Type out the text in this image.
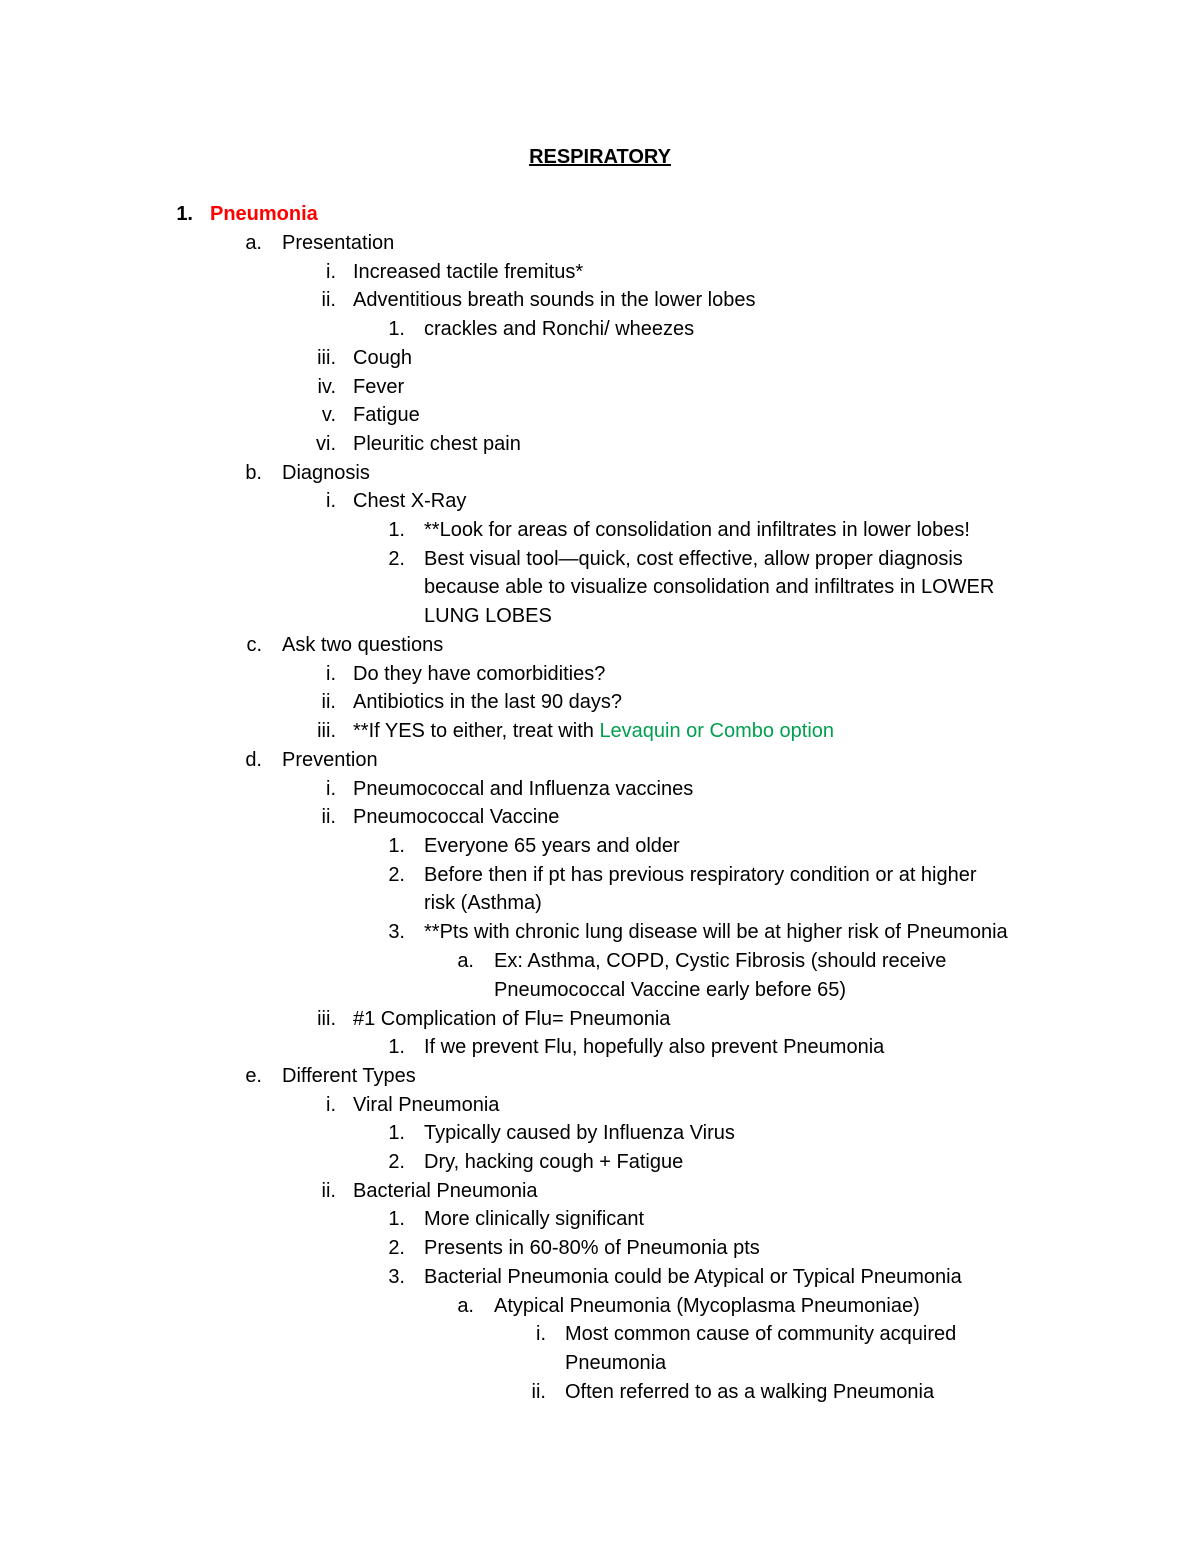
RESPIRATORY
1. Pneumonia
a. Presentation
i. Increased tactile fremitus*
ii. Adventitious breath sounds in the lower lobes
1. crackles and Ronchi/ wheezes
iii. Cough
iv. Fever
v. Fatigue
vi. Pleuritic chest pain
b. Diagnosis
i. Chest X-Ray
1. **Look for areas of consolidation and infiltrates in lower lobes!
2. Best visual tool—quick, cost effective, allow proper diagnosis
because able to visualize consolidation and infiltrates in LOWER
LUNG LOBES
c. Ask two questions
i. Do they have comorbidities?
ii. Antibiotics in the last 90 days?
iii. **If YES to either, treat with Levaquin or Combo option
d. Prevention
i. Pneumococcal and Influenza vaccines
ii. Pneumococcal Vaccine
1. Everyone 65 years and older
2. Before then if pt has previous respiratory condition or at higher
risk (Asthma)
3. **Pts with chronic lung disease will be at higher risk of Pneumonia
a. Ex: Asthma, COPD, Cystic Fibrosis (should receive
Pneumococcal Vaccine early before 65)
iii. #1 Complication of Flu= Pneumonia
1. If we prevent Flu, hopefully also prevent Pneumonia
e. Different Types
i. Viral Pneumonia
1. Typically caused by Influenza Virus
2. Dry, hacking cough + Fatigue
ii. Bacterial Pneumonia
1. More clinically significant
2. Presents in 60-80% of Pneumonia pts
3. Bacterial Pneumonia could be Atypical or Typical Pneumonia
a. Atypical Pneumonia (Mycoplasma Pneumoniae)
i. Most common cause of community acquired
Pneumonia
ii. Often referred to as a walking Pneumonia
